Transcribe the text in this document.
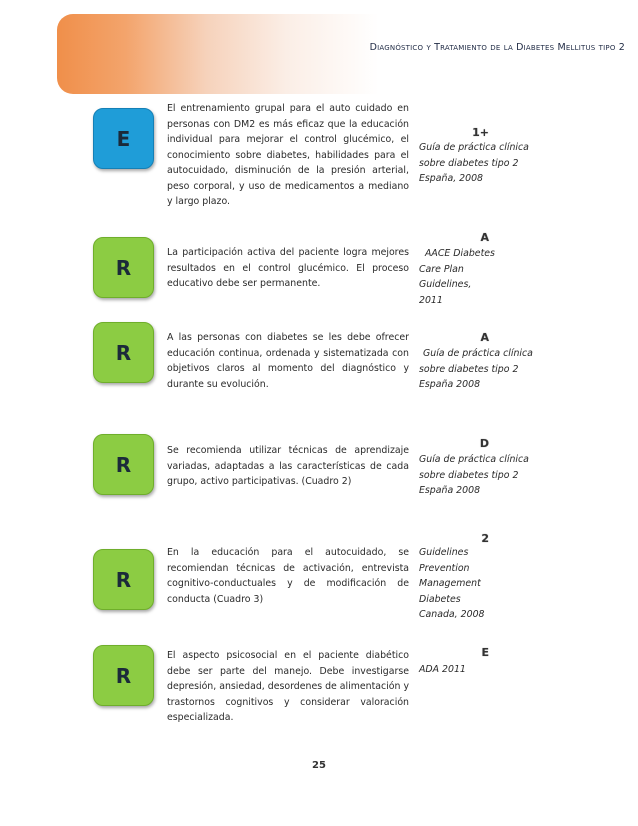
Diagnóstico y Tratamiento de la Diabetes Mellitus tipo 2
E
El entrenamiento grupal para el auto cuidado en personas con DM2 es más eficaz que la educación individual para mejorar el control glucémico, el conocimiento sobre diabetes, habilidades para el autocuidado, disminución de la presión arterial, peso corporal, y uso de medicamentos a mediano y largo plazo.
1+
Guía de práctica clínica
sobre diabetes tipo 2
España, 2008
R
La participación activa del paciente logra mejores resultados en el control glucémico. El proceso educativo debe ser permanente.
A
AACE Diabetes
Care Plan
Guidelines,
2011
R
A las personas con diabetes se les debe ofrecer educación continua, ordenada y sistematizada con objetivos claros al momento del diagnóstico y durante su evolución.
A
Guía de práctica clínica
sobre diabetes tipo 2
España 2008
R
Se recomienda utilizar técnicas de aprendizaje variadas, adaptadas a las características de cada grupo, activo participativas. (Cuadro 2)
D
Guía de práctica clínica
sobre diabetes tipo 2
España 2008
R
En la educación para el autocuidado, se recomiendan técnicas de activación, entrevista cognitivo-conductuales y de modificación de conducta (Cuadro 3)
2
Guidelines
Prevention
Management
Diabetes
Canada, 2008
R
El aspecto psicosocial en el paciente diabético debe ser parte del manejo. Debe investigarse depresión, ansiedad, desordenes de alimentación y trastornos cognitivos y considerar valoración especializada.
E
ADA 2011
25
